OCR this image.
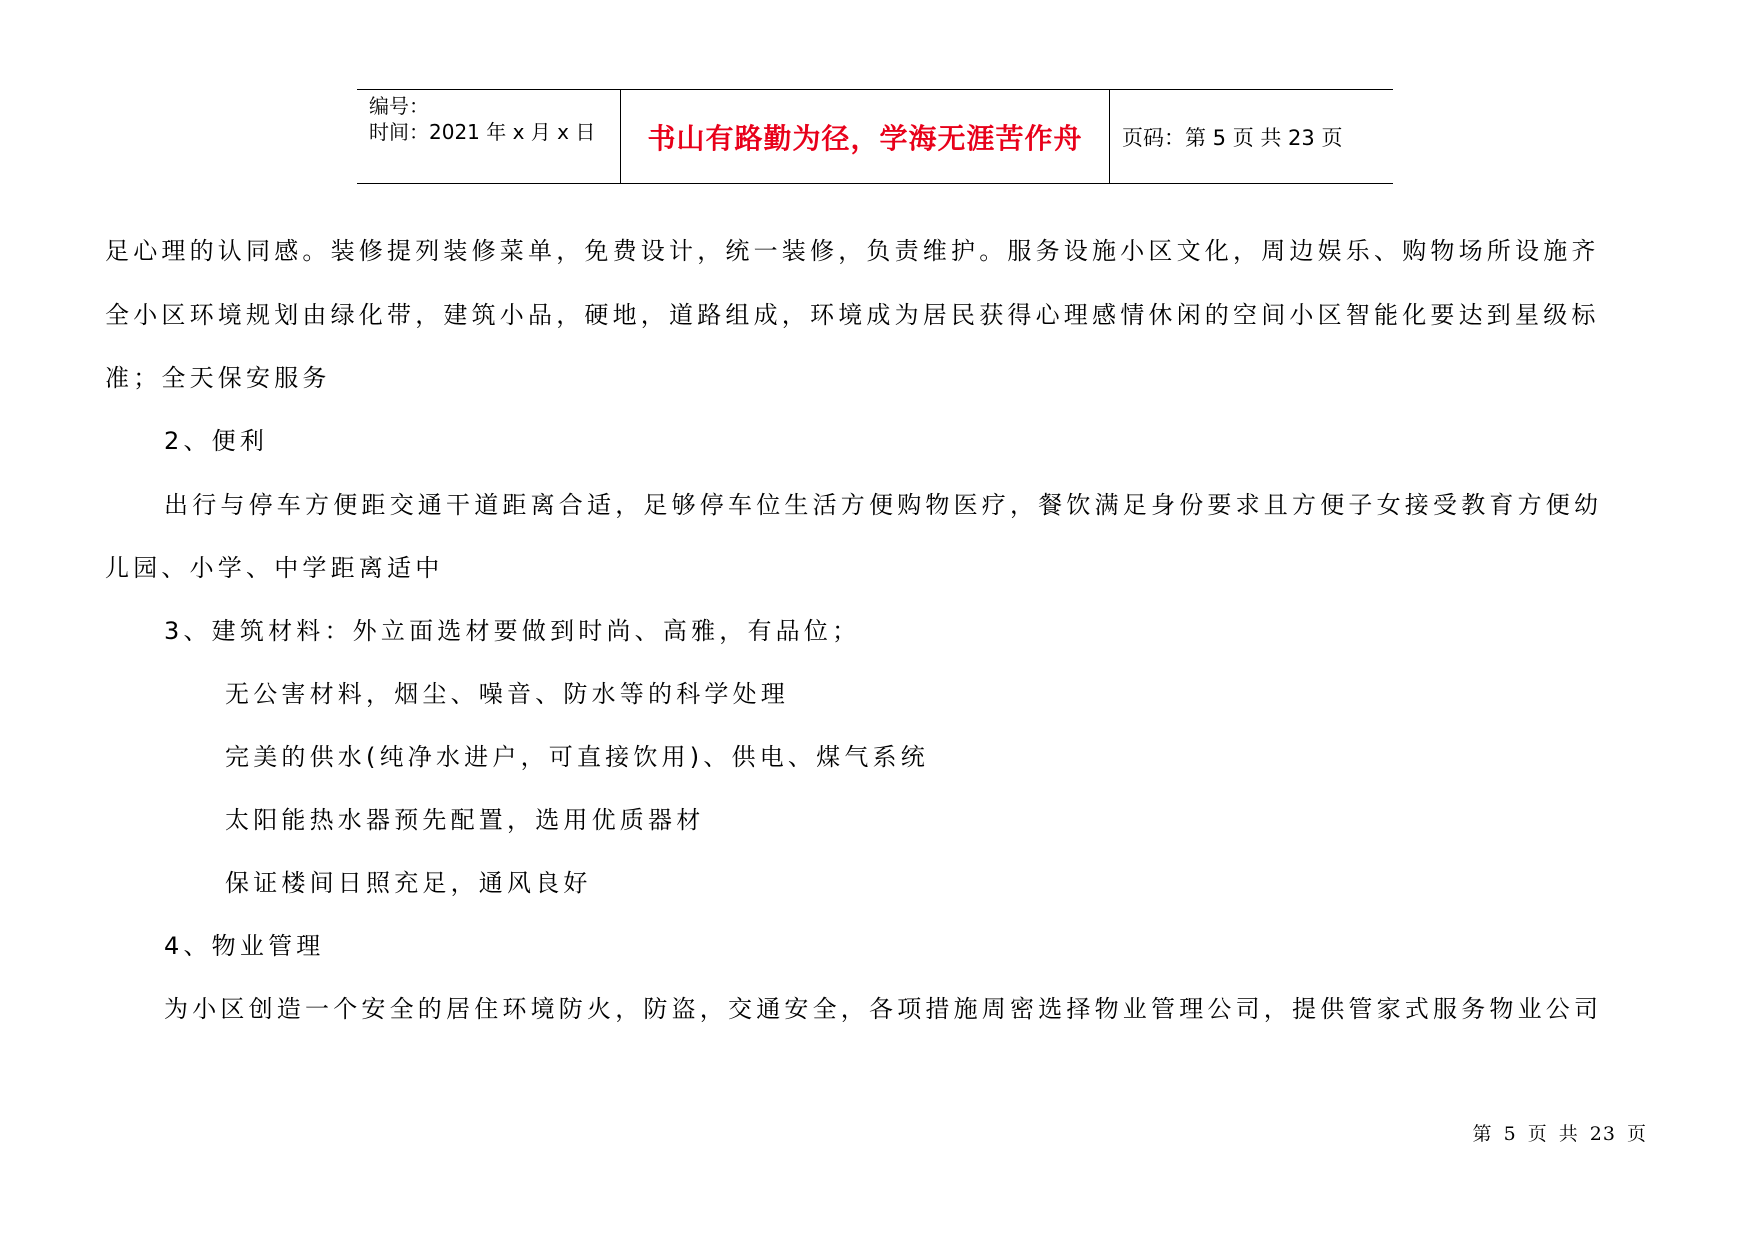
编号：
时间：2021 年 x 月 x 日 书山有路勤为径，学海无涯苦作舟 页码：第 5 页 共 23 页
足心理的认同感。装修提列装修菜单，免费设计，统一装修，负责维护。服务设施小区文化，周边娱乐、购物场所设施齐
全小区环境规划由绿化带，建筑小品，硬地，道路组成，环境成为居民获得心理感情休闲的空间小区智能化要达到星级标
准；全天保安服务
2、便利
出行与停车方便距交通干道距离合适，足够停车位生活方便购物医疗，餐饮满足身份要求且方便子女接受教育方便幼
儿园、小学、中学距离适中
3、建筑材料：外立面选材要做到时尚、高雅，有品位；
无公害材料，烟尘、噪音、防水等的科学处理
完美的供水(纯净水进户，可直接饮用)、供电、煤气系统
太阳能热水器预先配置，选用优质器材
保证楼间日照充足，通风良好
4、物业管理
为小区创造一个安全的居住环境防火，防盗，交通安全，各项措施周密选择物业管理公司，提供管家式服务物业公司
第 5 页 共 23 页
